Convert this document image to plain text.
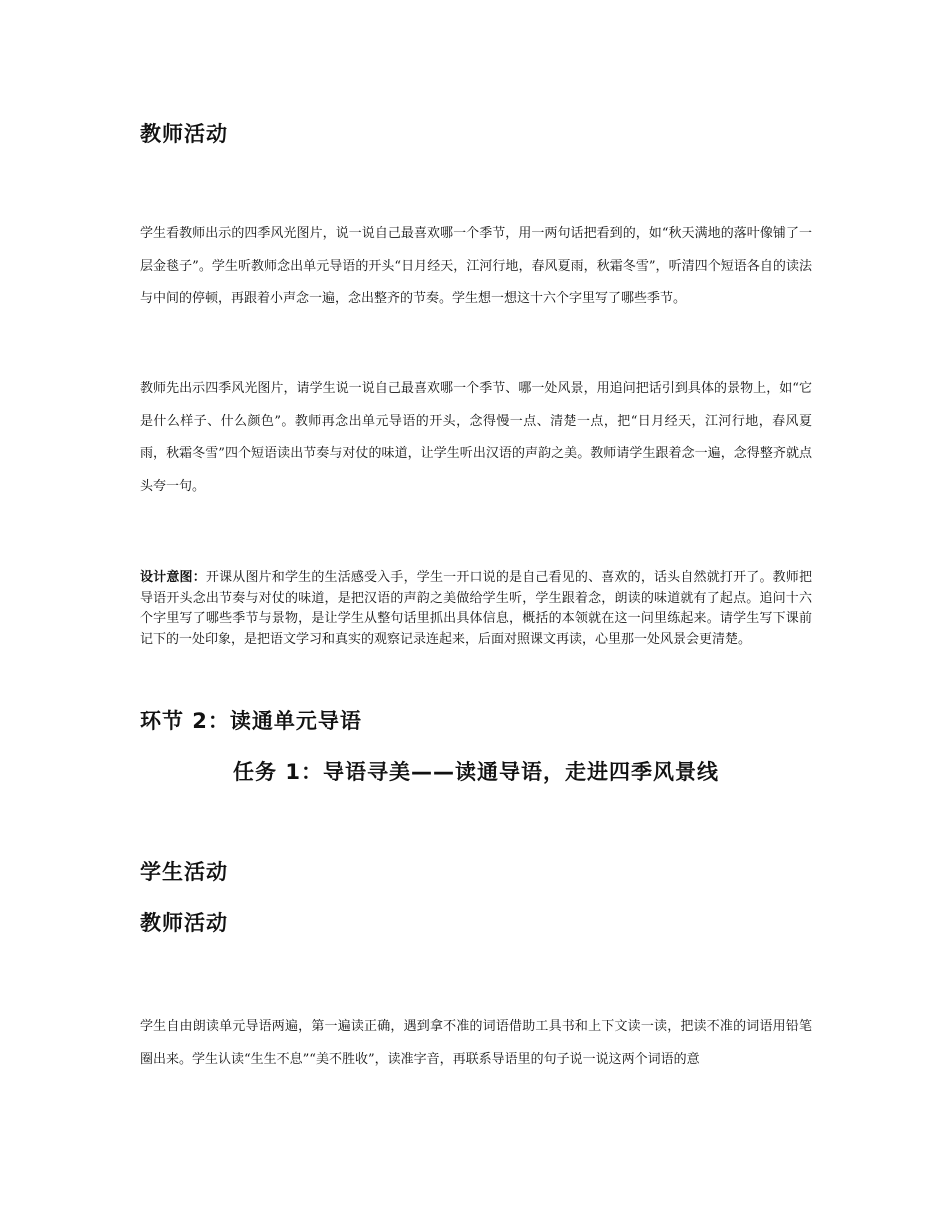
教师活动

学生看教师出示的四季风光图片，说一说自己最喜欢哪一个季节，用一两句话把看到的，如“秋天满地的落叶像铺了一层金毯子”。学生听教师念出单元导语的开头“日月经天，江河行地，春风夏雨，秋霜冬雪”，听清四个短语各自的读法与中间的停顿，再跟着小声念一遍，念出整齐的节奏。学生想一想这十六个字里写了哪些季节。

教师先出示四季风光图片，请学生说一说自己最喜欢哪一个季节、哪一处风景，用追问把话引到具体的景物上，如“它是什么样子、什么颜色”。教师再念出单元导语的开头，念得慢一点、清楚一点，把“日月经天，江河行地，春风夏雨，秋霜冬雪”四个短语读出节奏与对仗的味道，让学生听出汉语的声韵之美。教师请学生跟着念一遍，念得整齐就点头夸一句。

设计意图：开课从图片和学生的生活感受入手，学生一开口说的是自己看见的、喜欢的，话头自然就打开了。教师把导语开头念出节奏与对仗的味道，是把汉语的声韵之美做给学生听，学生跟着念，朗读的味道就有了起点。追问十六个字里写了哪些季节与景物，是让学生从整句话里抓出具体信息，概括的本领就在这一问里练起来。请学生写下课前记下的一处印象，是把语文学习和真实的观察记录连起来，后面对照课文再读，心里那一处风景会更清楚。

环节 2：读通单元导语
任务 1：导语寻美——读通导语，走进四季风景线
学生活动
教师活动

学生自由朗读单元导语两遍，第一遍读正确，遇到拿不准的词语借助工具书和上下文读一读，把读不准的词语用铅笔圈出来。学生认读“生生不息”“美不胜收”，读准字音，再联系导语里的句子说一说这两个词语的意
